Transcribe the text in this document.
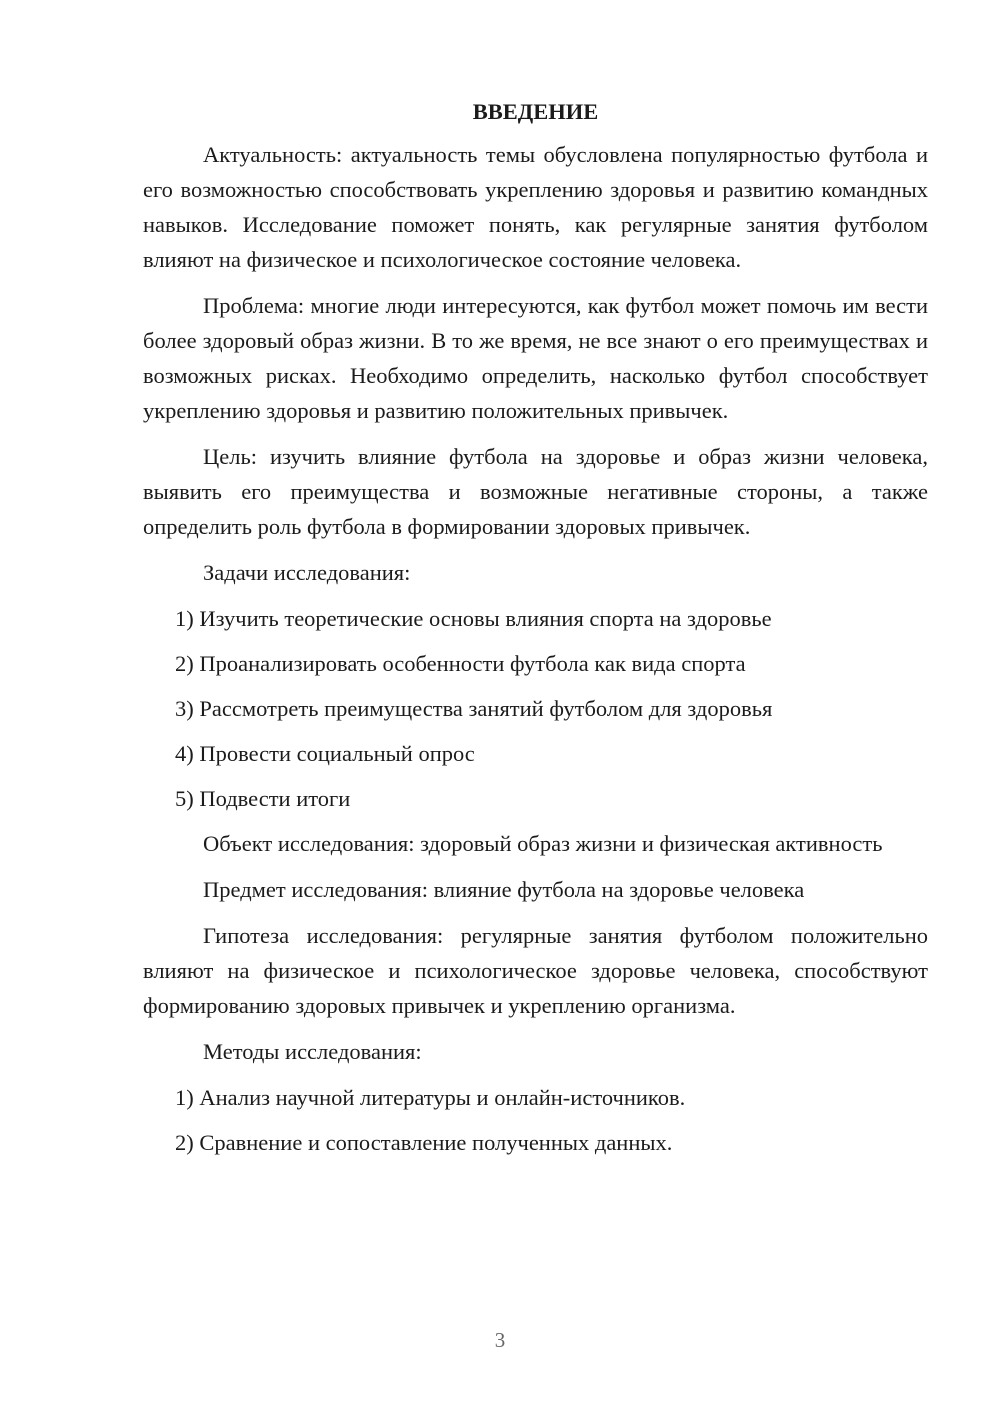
ВВЕДЕНИЕ

Актуальность: актуальность темы обусловлена популярностью футбола и его возможностью способствовать укреплению здоровья и развитию командных навыков. Исследование поможет понять, как регулярные занятия футболом влияют на физическое и психологическое состояние человека.

Проблема: многие люди интересуются, как футбол может помочь им вести более здоровый образ жизни. В то же время, не все знают о его преимуществах и возможных рисках. Необходимо определить, насколько футбол способствует укреплению здоровья и развитию положительных привычек.

Цель: изучить влияние футбола на здоровье и образ жизни человека, выявить его преимущества и возможные негативные стороны, а также определить роль футбола в формировании здоровых привычек.

Задачи исследования:

1) Изучить теоретические основы влияния спорта на здоровье
2) Проанализировать особенности футбола как вида спорта
3) Рассмотреть преимущества занятий футболом для здоровья
4) Провести социальный опрос
5) Подвести итоги

Объект исследования: здоровый образ жизни и физическая активность

Предмет исследования: влияние футбола на здоровье человека

Гипотеза исследования: регулярные занятия футболом положительно влияют на физическое и психологическое здоровье человека, способствуют формированию здоровых привычек и укреплению организма.

Методы исследования:

1) Анализ научной литературы и онлайн-источников.
2) Сравнение и сопоставление полученных данных.
3
